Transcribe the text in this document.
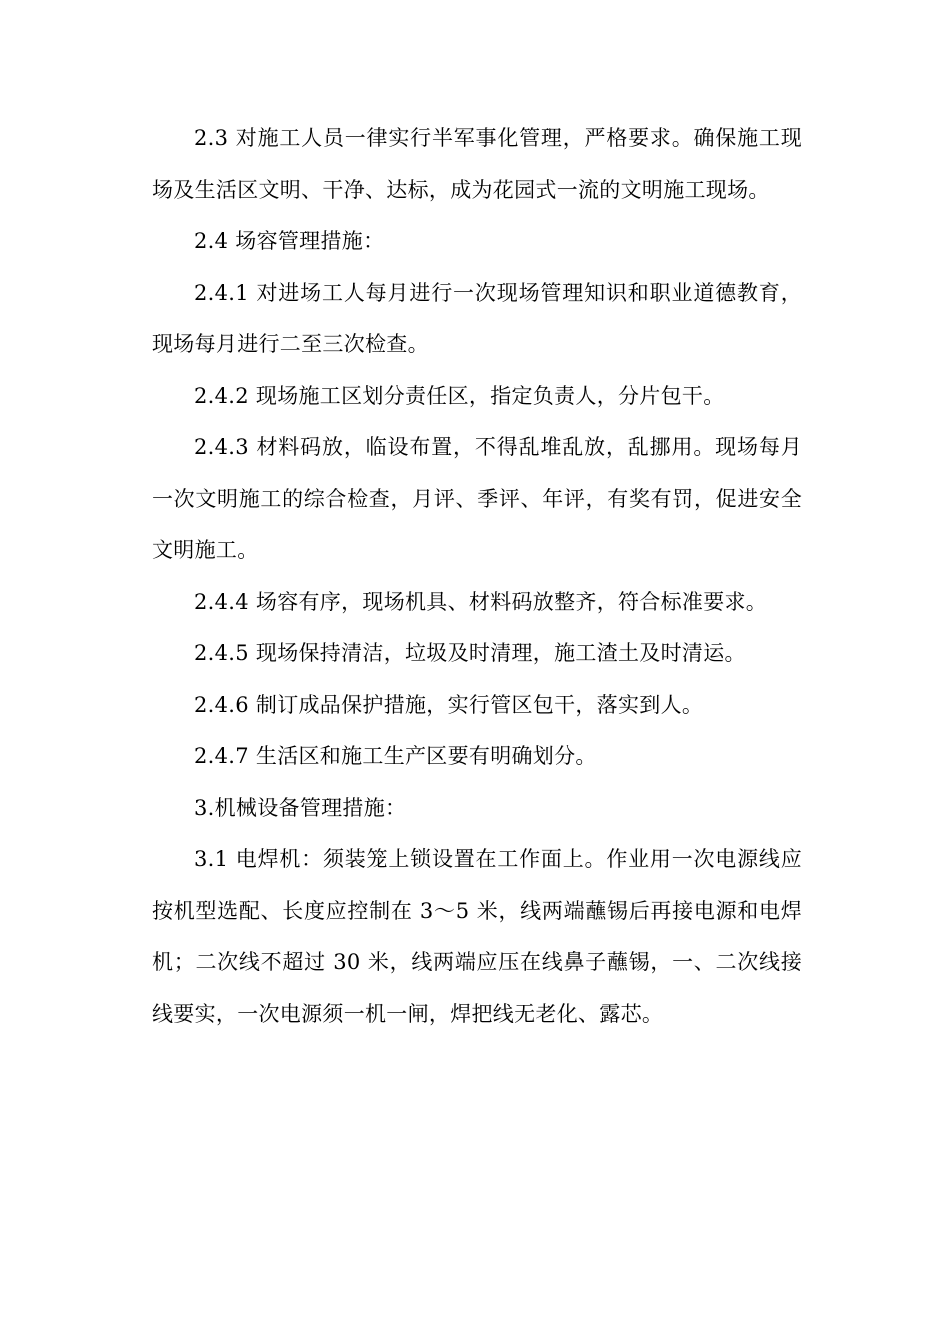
2.3 对施工人员一律实行半军事化管理，严格要求。确保施工现场及生活区文明、干净、达标，成为花园式一流的文明施工现场。

2.4 场容管理措施：

2.4.1 对进场工人每月进行一次现场管理知识和职业道德教育，现场每月进行二至三次检查。

2.4.2 现场施工区划分责任区，指定负责人，分片包干。

2.4.3 材料码放，临设布置，不得乱堆乱放，乱挪用。现场每月一次文明施工的综合检查，月评、季评、年评，有奖有罚，促进安全文明施工。

2.4.4 场容有序，现场机具、材料码放整齐，符合标准要求。

2.4.5 现场保持清洁，垃圾及时清理，施工渣土及时清运。

2.4.6 制订成品保护措施，实行管区包干，落实到人。

2.4.7 生活区和施工生产区要有明确划分。

3.机械设备管理措施：

3.1 电焊机：须装笼上锁设置在工作面上。作业用一次电源线应按机型选配、长度应控制在 3～5 米，线两端蘸锡后再接电源和电焊机；二次线不超过 30 米，线两端应压在线鼻子蘸锡，一、二次线接线要实，一次电源须一机一闸，焊把线无老化、露芯。
